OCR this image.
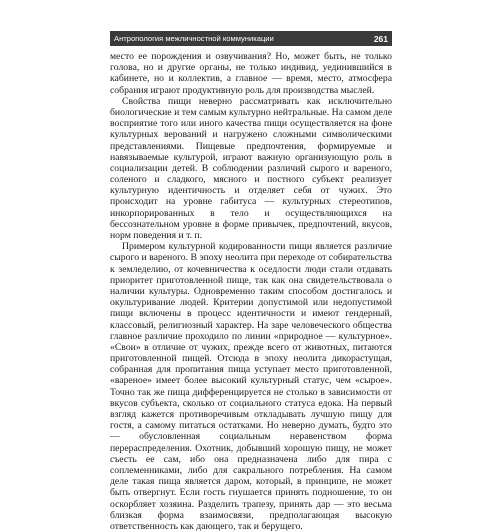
Антропология межличностной коммуникации	261

место ее порождения и озвучивания? Но, может быть, не только голова, но и другие органы, не только индивид, уединившийся в кабинете, но и коллектив, а главное — время, место, атмосфера собрания играют продуктивную роль для производства мыслей.

Свойства пищи неверно рассматривать как исключительно биологические и тем самым культурно нейтральные. На самом деле восприятие того или иного качества пищи осуществляется на фоне культурных верований и нагружено сложными символическими представлениями. Пищевые предпочтения, формируемые и навязываемые культурой, играют важную организующую роль в социализации детей. В соблюдении различий сырого и вареного, соленого и сладкого, мясного и постного субъект реализует культурную идентичность и отделяет себя от чужих. Это происходит на уровне габитуса — культурных стереотипов, инкорпорированных в тело и осуществляющихся на бессознательном уровне в форме привычек, предпочтений, вкусов, норм поведения и т. п.

Примером культурной кодированности пищи является различие сырого и вареного. В эпоху неолита при переходе от собирательства к земледелию, от кочевничества к оседлости люди стали отдавать приоритет приготовленной пище, так как она свидетельствовала о наличии культуры. Одновременно таким способом достигалось и окультуривание людей. Критерии допустимой или недопустимой пищи включены в процесс идентичности и имеют гендерный, классовый, религиозный характер. На заре человеческого общества главное различие проходило по линии «природное — культурное». «Свои» в отличие от чужих, прежде всего от животных, питаются приготовленной пищей. Отсюда в эпоху неолита дикорастущая, собранная для пропитания пища уступает место приготовленной, «вареное» имеет более высокий культурный статус, чем «сырое». Точно так же пища дифференцируется не столько в зависимости от вкусов субъекта, сколько от социального статуса едока. На первый взгляд кажется противоречивым откладывать лучшую пищу для гостя, а самому питаться остатками. Но неверно думать, будто это — обусловленная социальным неравенством форма перераспределения. Охотник, добывший хорошую пищу, не может съесть ее сам, ибо она предназначена либо для пира с соплеменниками, либо для сакрального потребления. На самом деле такая пища является даром, который, в принципе, не может быть отвергнут. Если гость гнушается принять подношение, то он оскорбляет хозяина. Разделить трапезу, принять дар — это весьма близкая форма взаимосвязи, предполагающая высокую ответственность как дающего, так и берущего.
